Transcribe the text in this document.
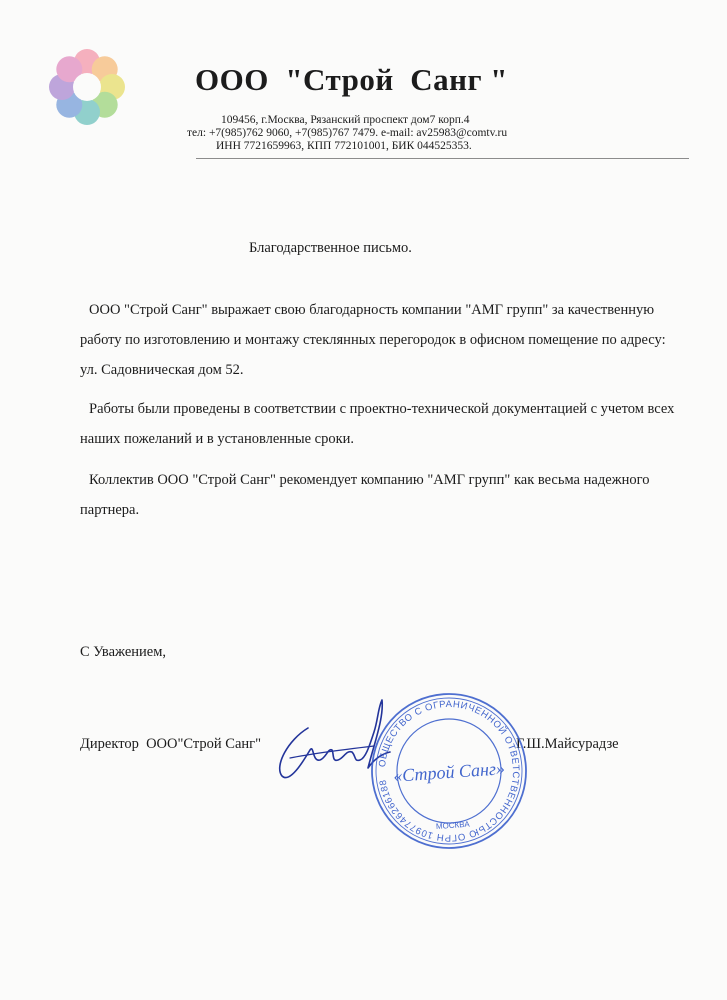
ООО  "Строй  Санг "
109456, г.Москва, Рязанский проспект дом7 корп.4
тел: +7(985)762 9060, +7(985)767 7479. e-mail: av25983@comtv.ru
ИНН 7721659963, КПП 772101001, БИК 044525353.
Благодарственное письмо.
ООО "Строй Санг" выражает свою благодарность компании "АМГ групп" за качественную
работу по изготовлению и монтажу стеклянных перегородок в офисном помещение по адресу: ул. Садовническая дом 52.
Работы были проведены в соответствии с проектно-технической документацией с учетом всех наших пожеланий и в установленные сроки.
Коллектив ООО "Строй Санг" рекомендует компанию "АМГ групп" как весьма надежного партнера.
С Уважением,
Директор  ООО"Строй Санг"	Г.Ш.Майсурадзе
ОБЩЕСТВО С ОГРАНИЧЕННОЙ ОТВЕТСТВЕННОСТЬЮ ОГРН 1097746266188 «Строй Санг»
МОСКВА
